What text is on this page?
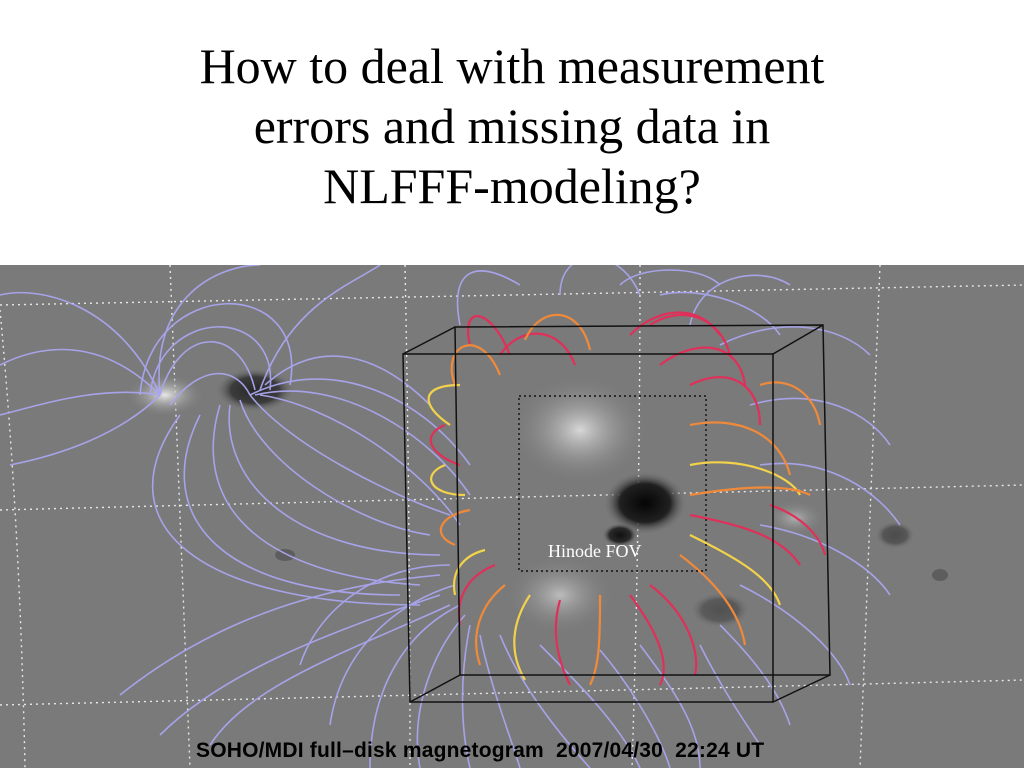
How to deal with measurement
errors and missing data in
NLFFF-modeling?
Hinode FOV
SOHO/MDI full–disk magnetogram  2007/04/30  22:24 UT
